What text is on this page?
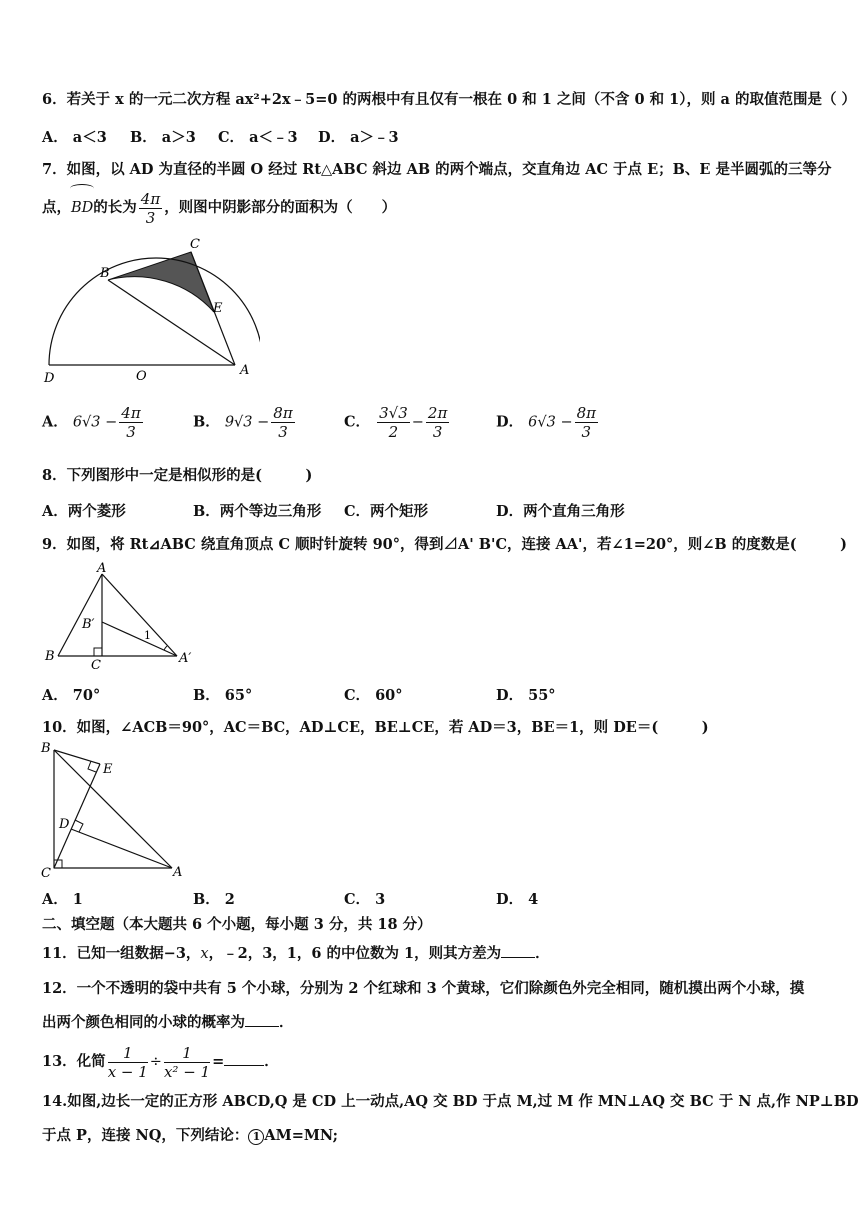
6．若关于 x 的一元二次方程 ax²+2x﹣5=0 的两根中有且仅有一根在 0 和 1 之间（不含 0 和 1），则 a 的取值范围是（ ）
A． a＜3 B． a＞3 C． a＜﹣3 D． a＞﹣3
7．如图，以 AD 为直径的半圆 O 经过 Rt△ABC 斜边 AB 的两个端点，交直角边 AC 于点 E；B、E 是半圆弧的三等分
点，BD的长为 $\frac{4\pi}{3}$ ，则图中阴影部分的面积为（　　）
B
C
E
D	O	A
A． $6√3 - \frac{4\pi}{3}$	B． $9√3 - \frac{8\pi}{3}$	C． $\frac{3√3}{2} - \frac{2\pi}{3}$	D． $6√3 - \frac{8\pi}{3}$
8．下列图形中一定是相似形的是(　　　)
A．两个菱形	B．两个等边三角形 C．两个矩形	D．两个直角三角形
9．如图，将 Rt⊿ABC 绕直角顶点 C 顺时针旋转 90°，得到⊿A' B'C，连接 AA'，若∠1=20°，则∠B 的度数是(　　　)
A
B′
B
C	A′
1
A． 70°	B． 65°	C． 60°	D． 55°
10．如图，∠ACB＝90°，AC＝BC，AD⊥CE，BE⊥CE，若 AD＝3，BE＝1，则 DE＝(　　　)
B
E
D
C	A
A． 1	B． 2	C． 3	D． 4
二、填空题（本大题共 6 个小题，每小题 3 分，共 18 分）
11．已知一组数据−3，x，﹣2，3，1，6 的中位数为 1，则其方差为 ．
12．一个不透明的袋中共有 5 个小球，分别为 2 个红球和 3 个黄球，它们除颜色外完全相同，随机摸出两个小球，摸
出两个颜色相同的小球的概率为 ．
13．化简 $\frac{1}{x - 1} \div \frac{1}{\text{x² − 1}}$ =	．
14.如图,边长一定的正方形 ABCD,Q 是 CD 上一动点,AQ 交 BD 于点 M,过 M 作 MN⊥AQ 交 BC 于 N 点,作 NP⊥BD
于点 P，连接 NQ，下列结论： 1 AM=MN;
